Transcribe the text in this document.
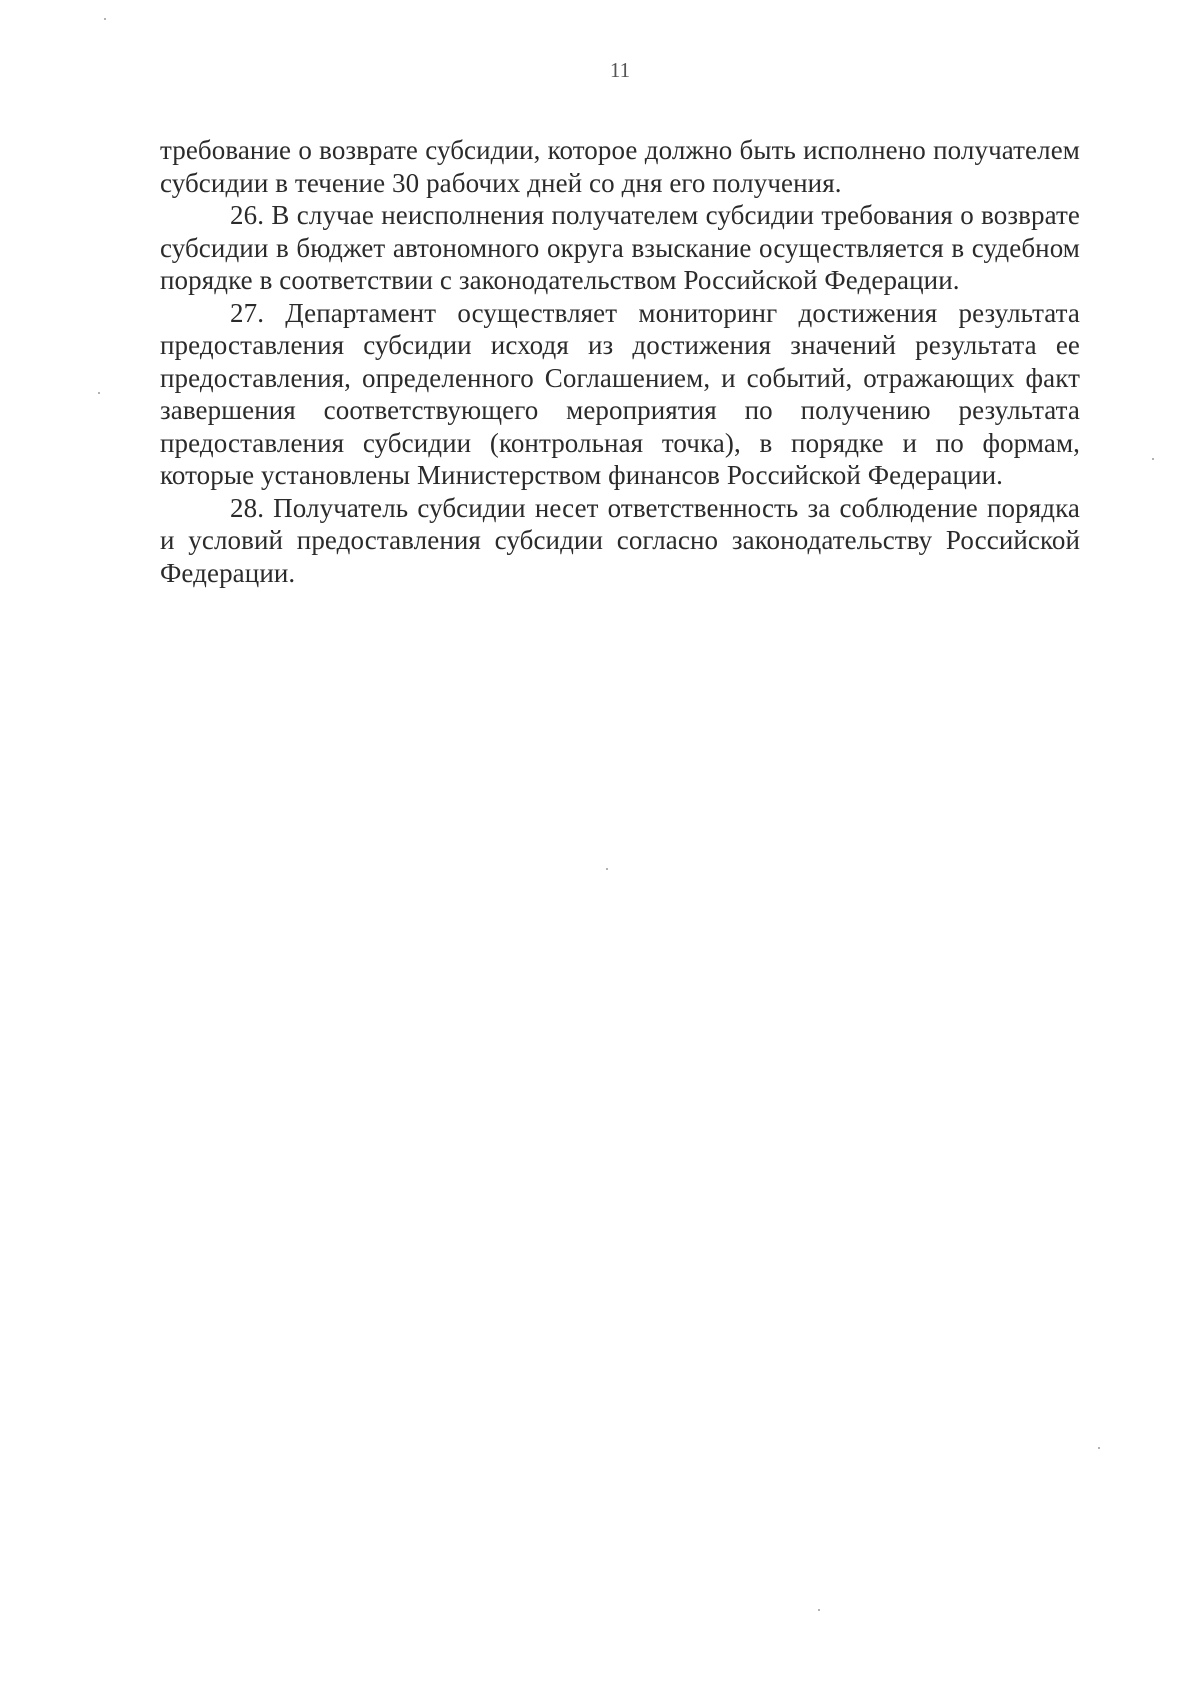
11

требование о возврате субсидии, которое должно быть исполнено получателем субсидии в течение 30 рабочих дней со дня его получения.

26. В случае неисполнения получателем субсидии требования о возврате субсидии в бюджет автономного округа взыскание осуществляется в судебном порядке в соответствии с законодательством Российской Федерации.

27. Департамент осуществляет мониторинг достижения результата предоставления субсидии исходя из достижения значений результата ее предоставления, определенного Соглашением, и событий, отражающих факт завершения соответствующего мероприятия по получению результата предоставления субсидии (контрольная точка), в порядке и по формам, которые установлены Министерством финансов Российской Федерации.

28. Получатель субсидии несет ответственность за соблюдение порядка и условий предоставления субсидии согласно законодательству Российской Федерации.
